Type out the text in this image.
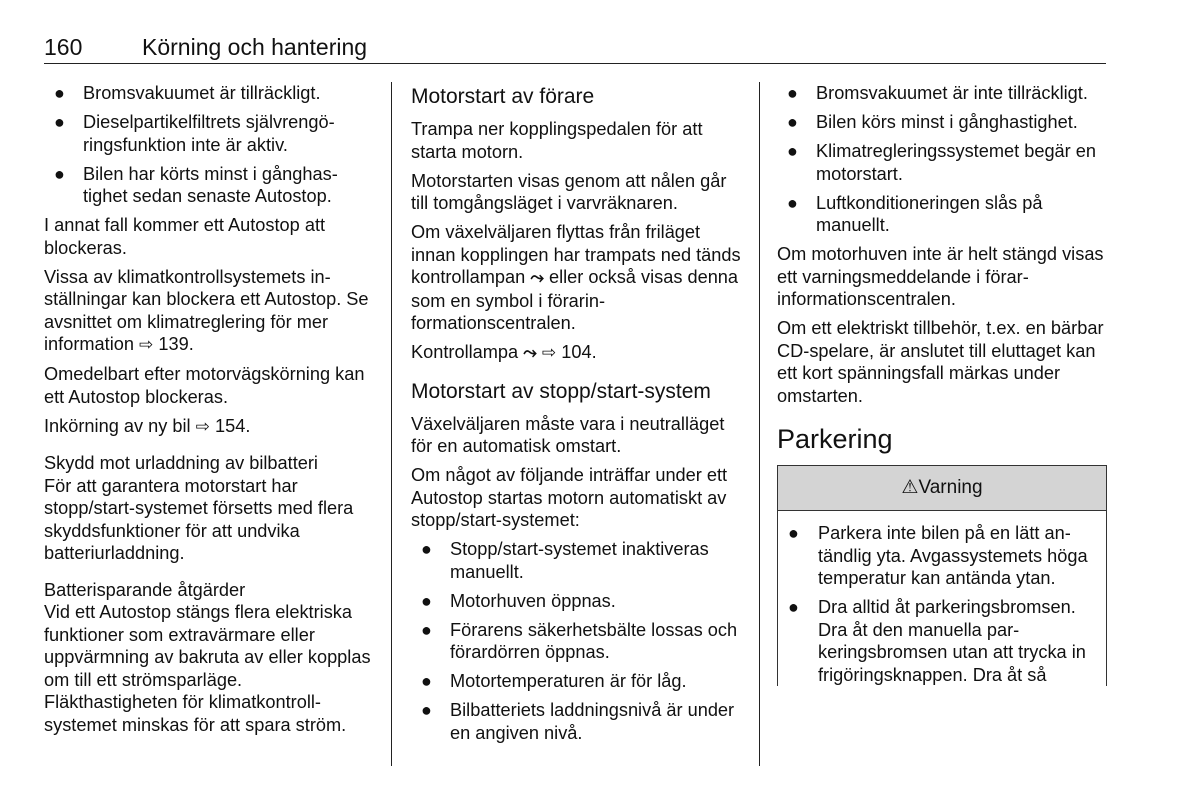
160	Körning och hantering
● Bromsvakuumet är tillräckligt.
● Dieselpartikelfiltrets självrengöringsfunktion inte är aktiv.
● Bilen har körts minst i gånghastighet sedan senaste Autostop.

I annat fall kommer ett Autostop att blockeras.

Vissa av klimatkontrollsystemets inställningar kan blockera ett Autostop. Se avsnittet om klimatreglering för mer information ⇨ 139.

Omedelbart efter motorvägskörning kan ett Autostop blockeras.

Inkörning av ny bil ⇨ 154.

Skydd mot urladdning av bilbatteri

För att garantera motorstart har stopp/start-systemet försetts med flera skyddsfunktioner för att undvika batteriurladdning.

Batterisparande åtgärder

Vid ett Autostop stängs flera elektriska funktioner som extravärmare eller uppvärmning av bakruta av eller kopplas om till ett strömsparläge. Fläkthastigheten för klimatkontrollsystemet minskas för att spara ström.

Motorstart av förare

Trampa ner kopplingspedalen för att starta motorn.

Motorstarten visas genom att nålen går till tomgångsläget i varvräknaren.

Om växelväljaren flyttas från friläget innan kopplingen har trampats ned tänds kontrollampan ⤳ eller också visas denna som en symbol i förarinformationscentralen.

Kontrollampa ⤳ ⇨ 104.

Motorstart av stopp/start-system

Växelväljaren måste vara i neutralläget för en automatisk omstart.

Om något av följande inträffar under ett Autostop startas motorn automatiskt av stopp/start-systemet:

● Stopp/start-systemet inaktiveras manuellt.
● Motorhuven öppnas.
● Förarens säkerhetsbälte lossas och förardörren öppnas.
● Motortemperaturen är för låg.
● Bilbatteriets laddningsnivå är under en angiven nivå.
● Bromsvakuumet är inte tillräckligt.
● Bilen körs minst i gånghastighet.
● Klimatregleringssystemet begär en motorstart.
● Luftkonditioneringen slås på manuellt.

Om motorhuven inte är helt stängd visas ett varningsmeddelande i förarinformationscentralen.

Om ett elektriskt tillbehör, t.ex. en bärbar CD-spelare, är anslutet till eluttaget kan ett kort spänningsfall märkas under omstarten.

Parkering
⚠Varning
● Parkera inte bilen på en lätt antändlig yta. Avgassystemets höga temperatur kan antända ytan.
● Dra alltid åt parkeringsbromsen. Dra åt den manuella parkeringsbromsen utan att trycka in frigöringsknappen. Dra åt så
